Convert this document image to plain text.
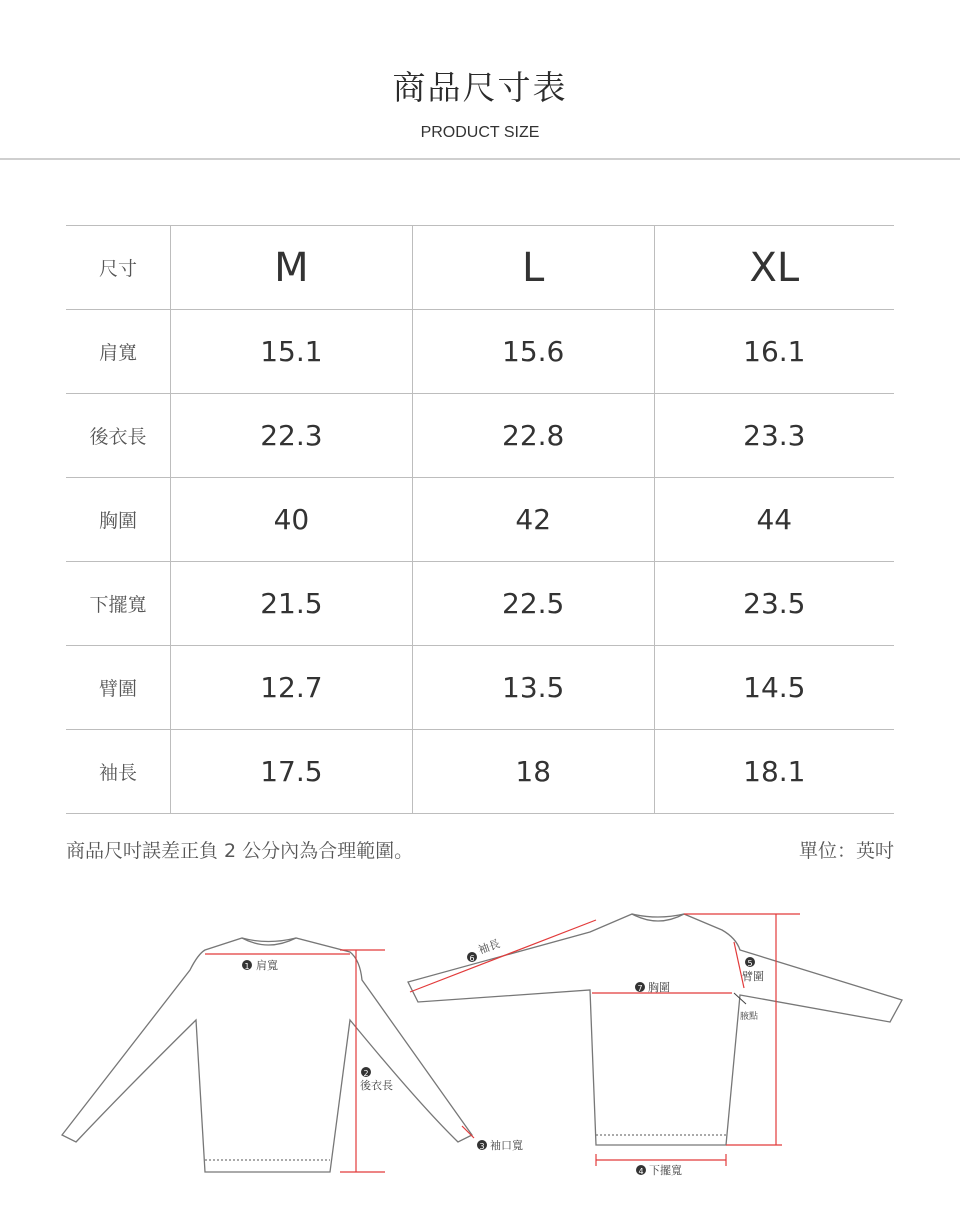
商品尺寸表
PRODUCT SIZE
尺寸	M	L	XL
肩寬	15.1	15.6	16.1
後衣長	22.3	22.8	23.3
胸圍	40	42	44
下擺寬	21.5	22.5	23.5
臂圍	12.7	13.5	14.5
袖長	17.5	18	18.1
商品尺吋誤差正負 2 公分內為合理範圍。	單位：英吋
1 肩寬
2
後衣長
3 袖口寬
6
袖長
7 胸圍
5
臂圍
腋點
4 下擺寬
